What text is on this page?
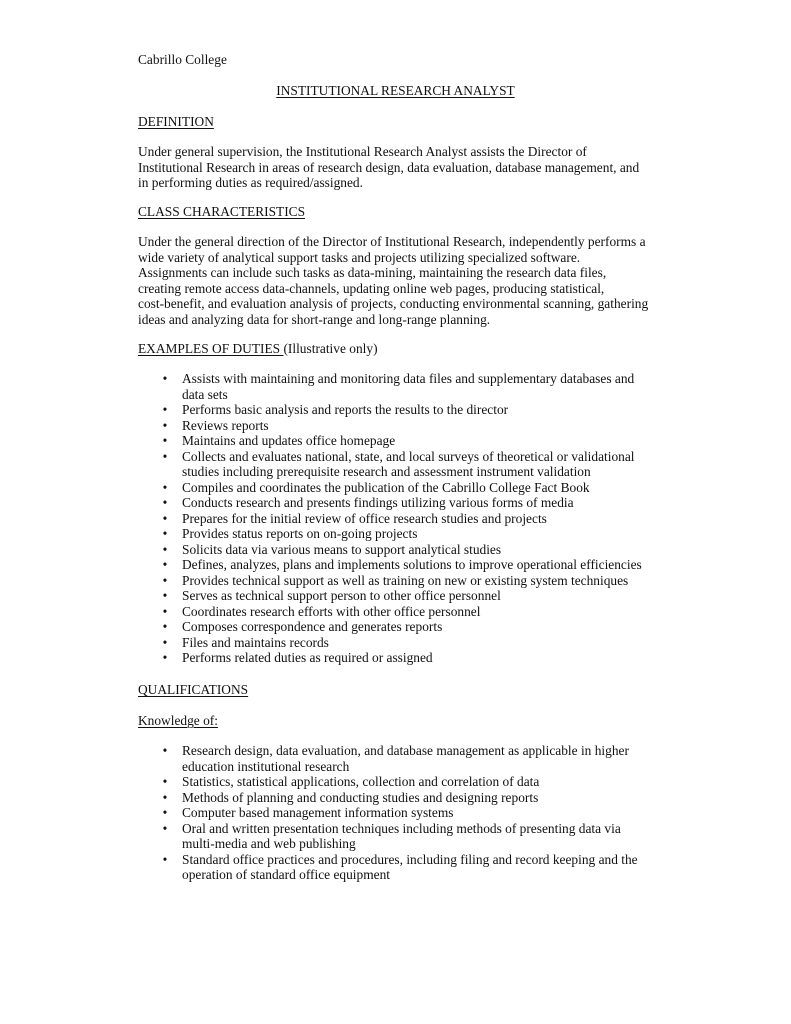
Cabrillo College
INSTITUTIONAL RESEARCH ANALYST
DEFINITION
Under general supervision, the Institutional Research Analyst assists the Director of
Institutional Research in areas of research design, data evaluation, database management, and
in performing duties as required/assigned.
CLASS CHARACTERISTICS
Under the general direction of the Director of Institutional Research, independently performs a
wide variety of analytical support tasks and projects utilizing specialized software.
Assignments can include such tasks as data-mining, maintaining the research data files,
creating remote access data-channels, updating online web pages, producing statistical,
cost-benefit, and evaluation analysis of projects, conducting environmental scanning, gathering
ideas and analyzing data for short-range and long-range planning.
EXAMPLES OF DUTIES (Illustrative only)
• Assists with maintaining and monitoring data files and supplementary databases and
data sets
• Performs basic analysis and reports the results to the director
• Reviews reports
• Maintains and updates office homepage
• Collects and evaluates national, state, and local surveys of theoretical or validational
studies including prerequisite research and assessment instrument validation
• Compiles and coordinates the publication of the Cabrillo College Fact Book
• Conducts research and presents findings utilizing various forms of media
• Prepares for the initial review of office research studies and projects
• Provides status reports on on-going projects
• Solicits data via various means to support analytical studies
• Defines, analyzes, plans and implements solutions to improve operational efficiencies
• Provides technical support as well as training on new or existing system techniques
• Serves as technical support person to other office personnel
• Coordinates research efforts with other office personnel
• Composes correspondence and generates reports
• Files and maintains records
• Performs related duties as required or assigned
QUALIFICATIONS
Knowledge of:
• Research design, data evaluation, and database management as applicable in higher
education institutional research
• Statistics, statistical applications, collection and correlation of data
• Methods of planning and conducting studies and designing reports
• Computer based management information systems
• Oral and written presentation techniques including methods of presenting data via
multi-media and web publishing
• Standard office practices and procedures, including filing and record keeping and the
operation of standard office equipment
